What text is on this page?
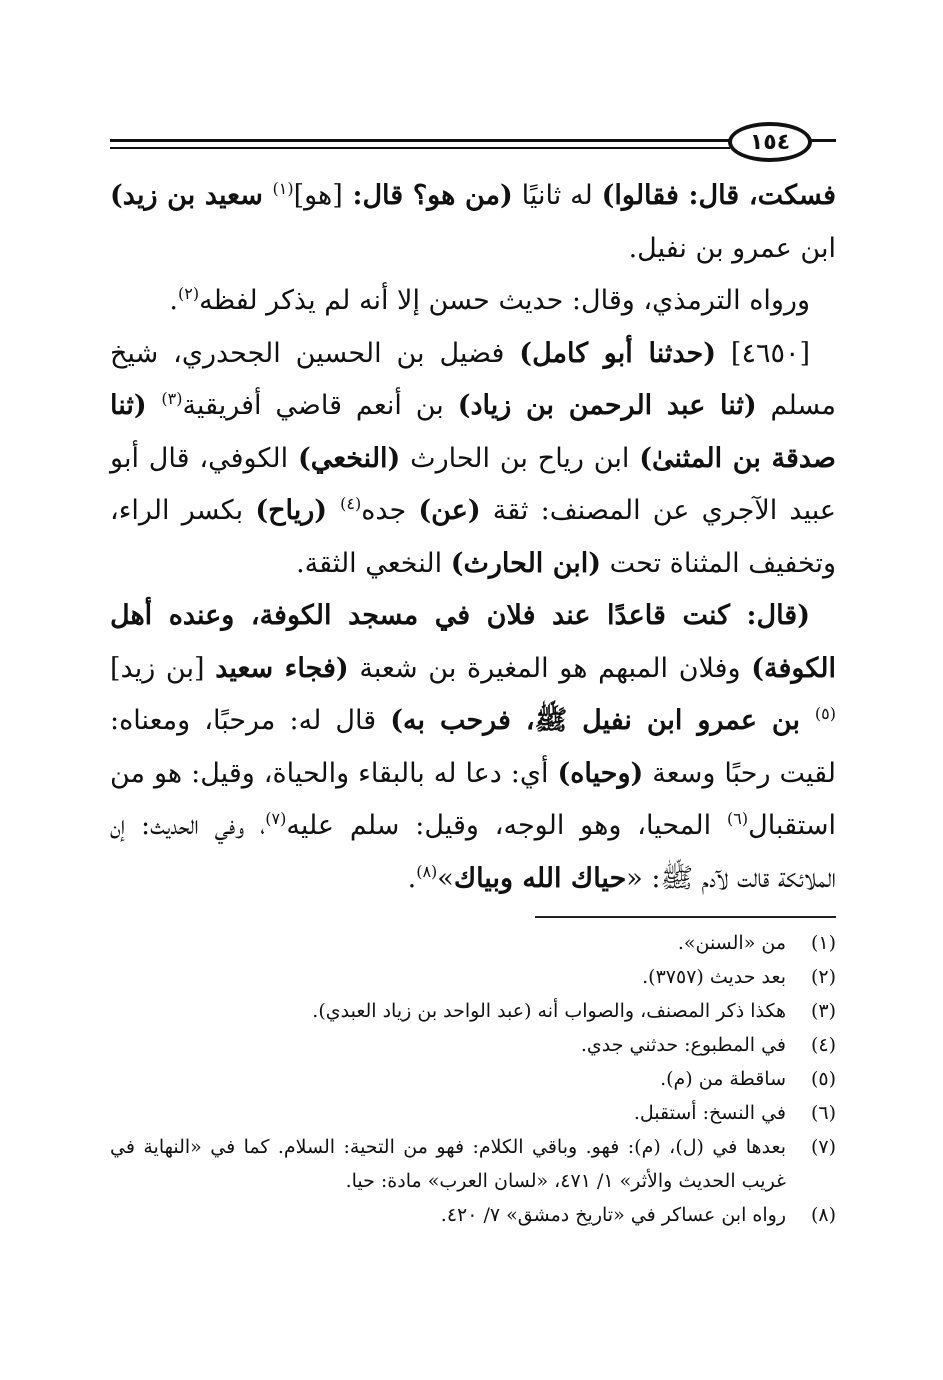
١٥٤

فسكت، قال: فقالوا) له ثانيًا (من هو؟ قال: [هو]$^{(١)}$ سعيد بن زيد) ابن عمرو بن نفيل.

ورواه الترمذي، وقال: حديث حسن إلا أنه لم يذكر لفظه$^{(٢)}$.

[٤٦٥٠] (حدثنا أبو كامل) فضيل بن الحسين الجحدري، شيخ مسلم (ثنا عبد الرحمن بن زياد) بن أنعم قاضي أفريقية$^{(٣)}$ (ثنا صدقة بن المثنىٰ) ابن رياح بن الحارث (النخعي) الكوفي، قال أبو عبيد الآجري عن المصنف: ثقة (عن) جده$^{(٤)}$ (رياح) بكسر الراء، وتخفيف المثناة تحت (ابن الحارث) النخعي الثقة.

(قال: كنت قاعدًا عند فلان في مسجد الكوفة، وعنده أهل الكوفة) وفلان المبهم هو المغيرة بن شعبة (فجاء سعيد [بن زيد]$^{(٥)}$ بن عمرو ابن نفيل ﷺ، فرحب به) قال له: مرحبًا، ومعناه: لقيت رحبًا وسعة (وحياه) أي: دعا له بالبقاء والحياة، وقيل: هو من استقبال$^{(٦)}$ المحيا، وهو الوجه، وقيل: سلم عليه$^{(٧)}$، وفي الحديث: إن الملائكة قالت لآدم ﷺ: «حياك الله وبياك»$^{(٨)}$.

(١)
من «السنن».
(٢)
بعد حديث (٣٧٥٧).
(٣)
هكذا ذكر المصنف، والصواب أنه (عبد الواحد بن زياد العبدي).
(٤)
في المطبوع: حدثني جدي.
(٥)
ساقطة من (م).
(٦)
في النسخ: أستقبل.
(٧)
بعدها في (ل)، (م): فهو. وباقي الكلام: فهو من التحية: السلام. كما في «النهاية في غريب الحديث والأثر» ١/ ٤٧١، «لسان العرب» مادة: حيا.
(٨)
رواه ابن عساكر في «تاريخ دمشق» ٧/ ٤٢٠.
